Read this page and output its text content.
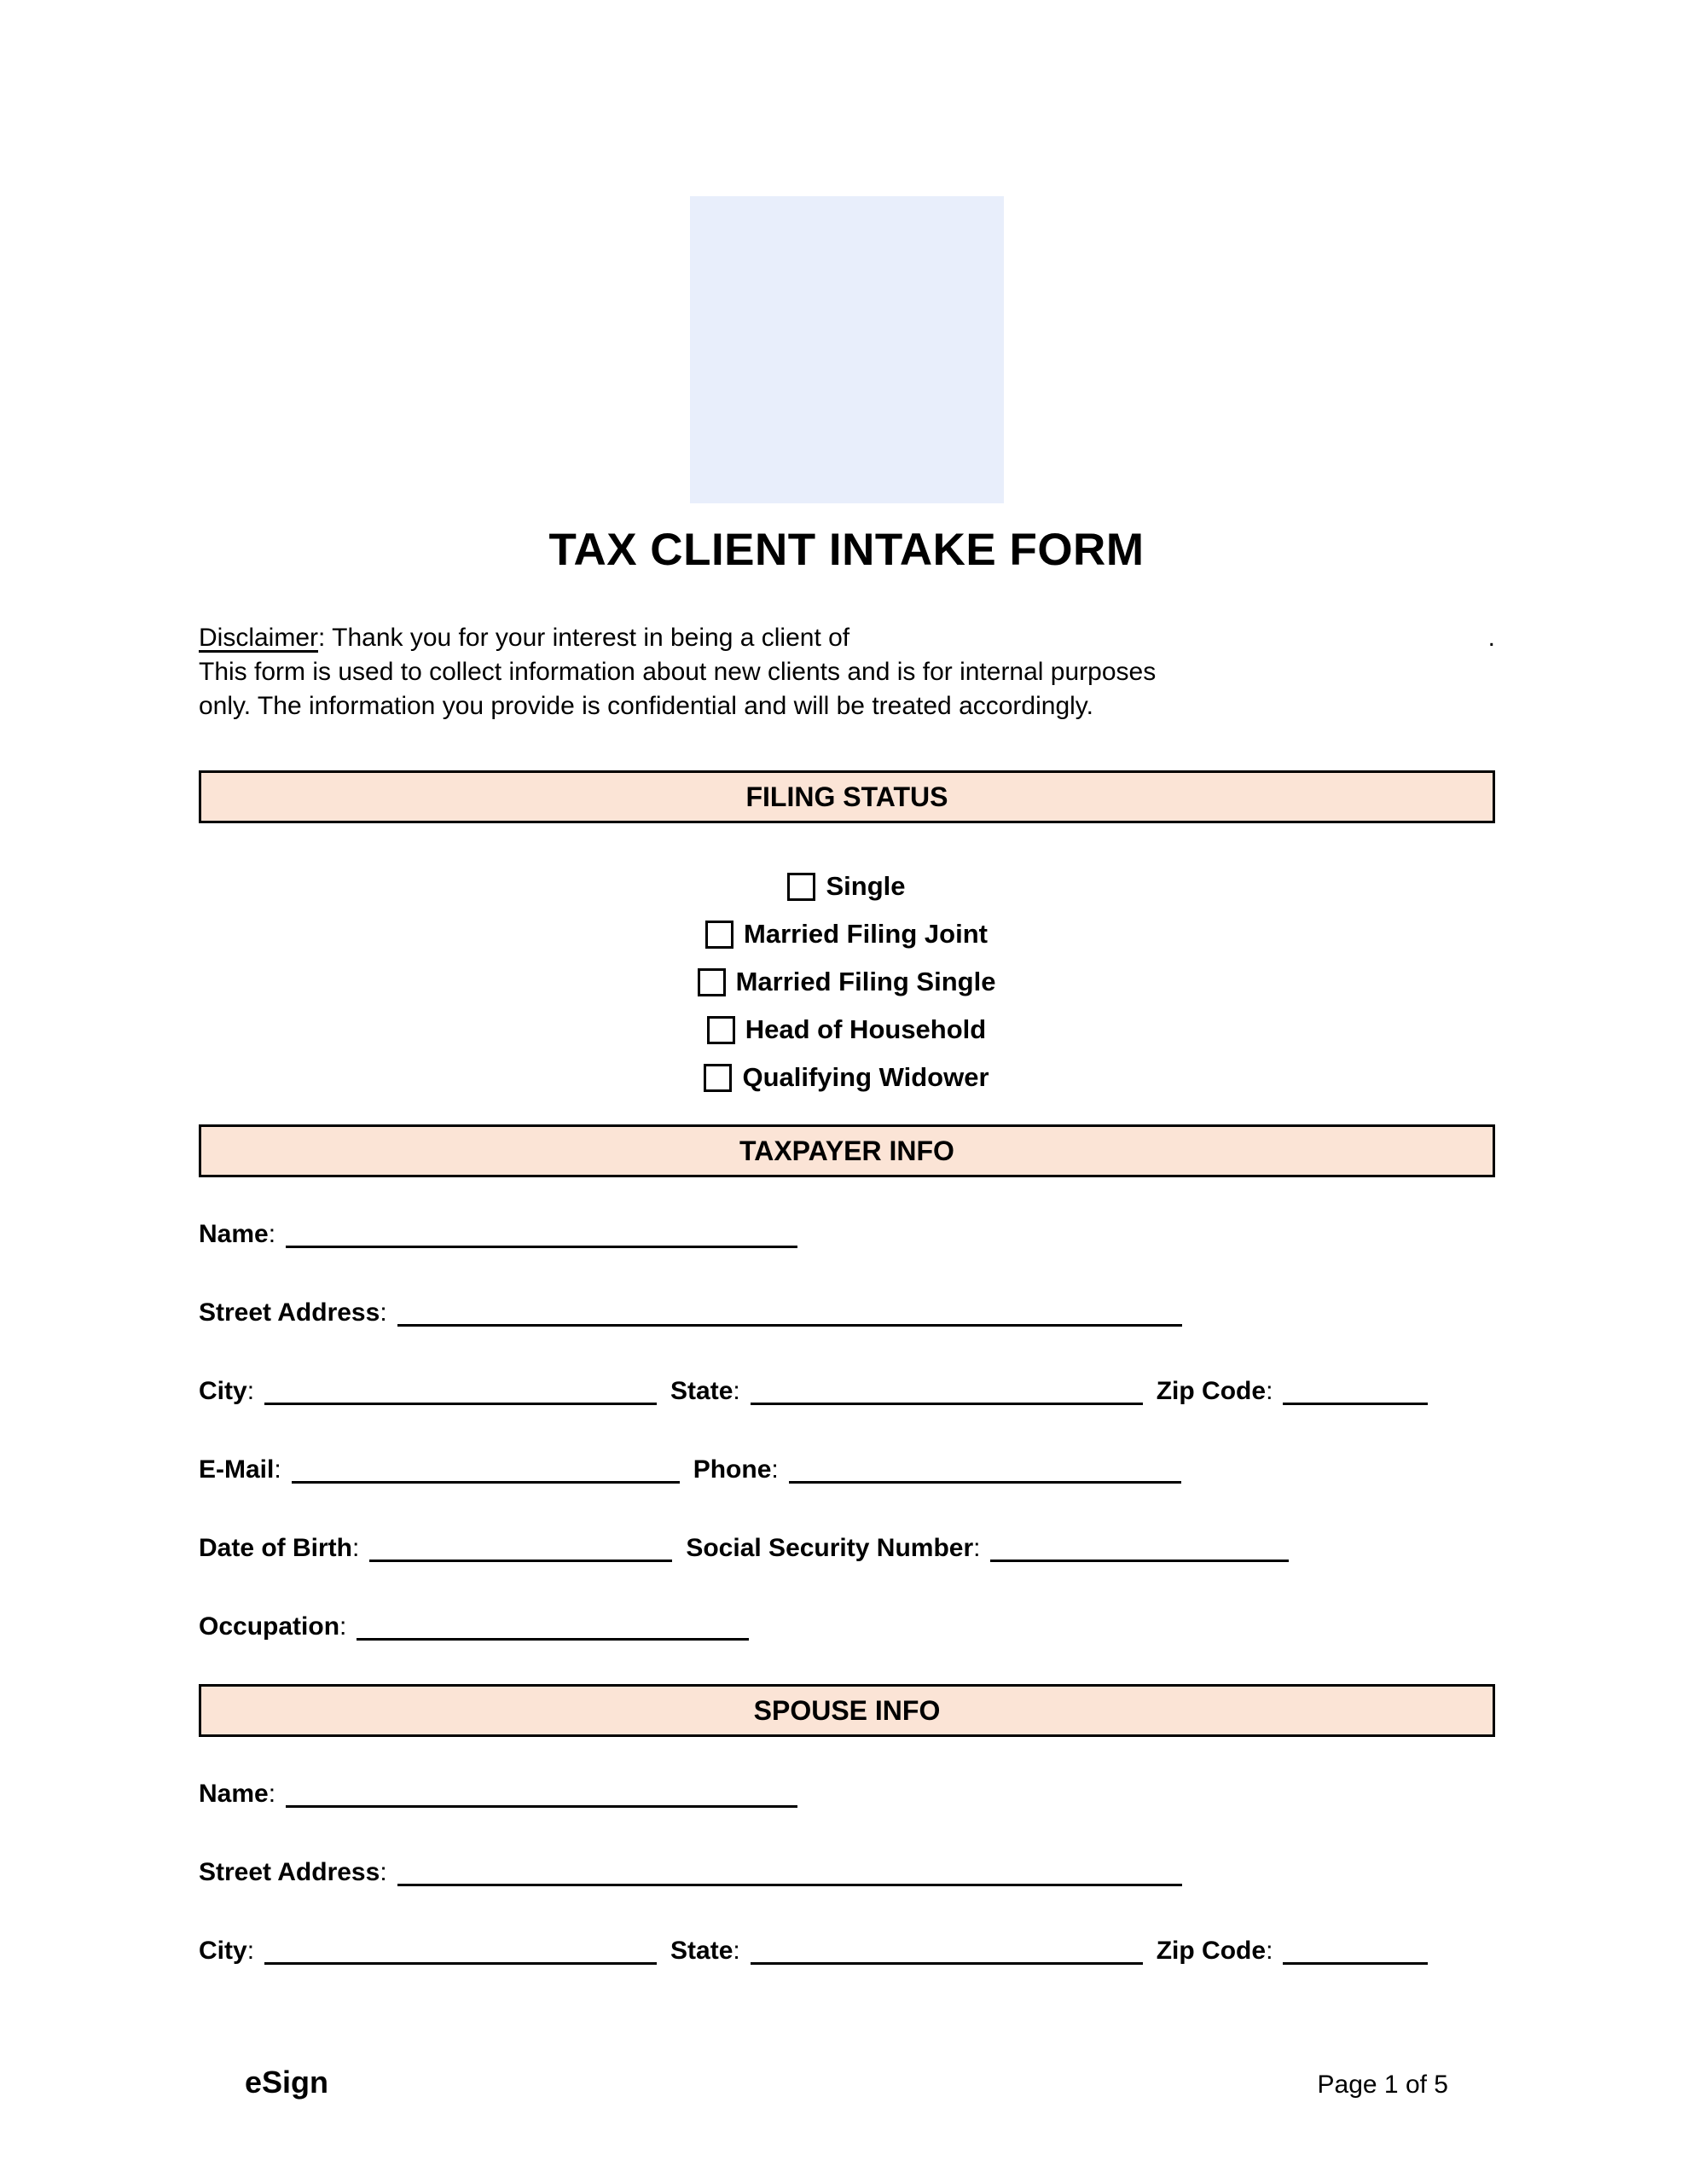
TAX CLIENT INTAKE FORM
Disclaimer: Thank you for your interest in being a client of	.
This form is used to collect information about new clients and is for internal purposes
only. The information you provide is confidential and will be treated accordingly.
FILING STATUS
Single
Married Filing Joint
Married Filing Single
Head of Household
Qualifying Widower
TAXPAYER INFO
Name:
Street Address:
City:	State:	Zip Code:
E-Mail:	Phone:
Date of Birth:	Social Security Number:
Occupation:
SPOUSE INFO
Name:
Street Address:
City:	State:	Zip Code:
eSign	Page 1 of 5
